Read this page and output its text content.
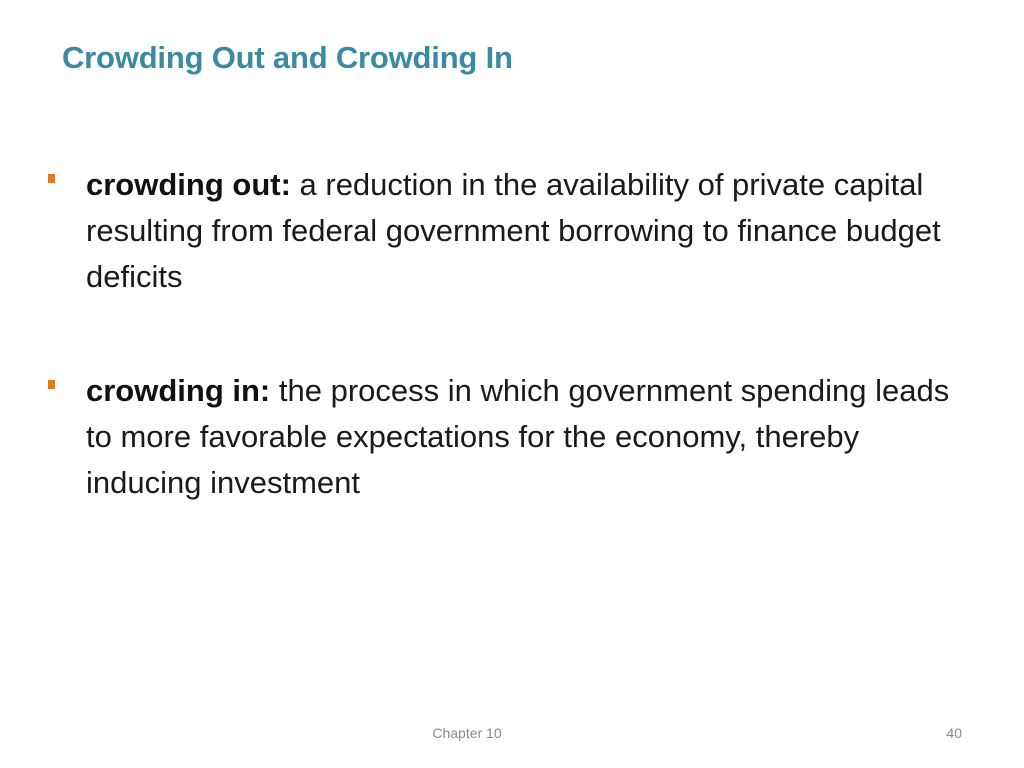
Crowding Out and Crowding In
crowding out: a reduction in the availability of private capital resulting from federal government borrowing to finance budget deficits
crowding in: the process in which government spending leads to more favorable expectations for the economy, thereby inducing investment
Chapter 10	40
